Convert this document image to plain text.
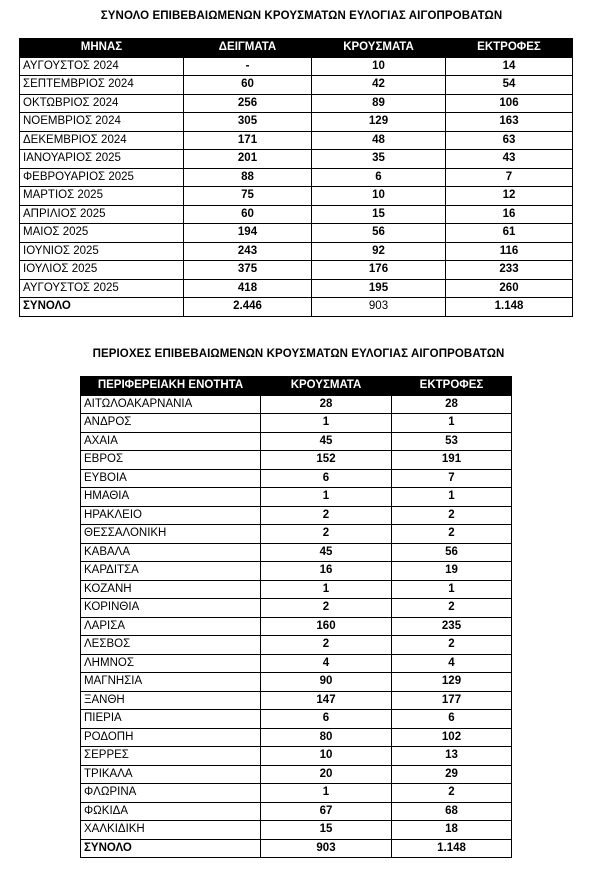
ΣΥΝΟΛΟ ΕΠΙΒΕΒΑΙΩΜΕΝΩΝ ΚΡΟΥΣΜΑΤΩΝ ΕΥΛΟΓΙΑΣ ΑΙΓΟΠΡΟΒΑΤΩΝ
ΜΗΝΑΣ	ΔΕΙΓΜΑΤΑ	ΚΡΟΥΣΜΑΤΑ	ΕΚΤΡΟΦΕΣ
ΑΥΓΟΥΣΤΟΣ 2024	-	10	14
ΣΕΠΤΕΜΒΡΙΟΣ 2024	60	42	54
ΟΚΤΩΒΡΙΟΣ 2024	256	89	106
ΝΟΕΜΒΡΙΟΣ 2024	305	129	163
ΔΕΚΕΜΒΡΙΟΣ 2024	171	48	63
ΙΑΝΟΥΑΡΙΟΣ 2025	201	35	43
ΦΕΒΡΟΥΑΡΙΟΣ 2025	88	6	7
ΜΑΡΤΙΟΣ 2025	75	10	12
ΑΠΡΙΛΙΟΣ 2025	60	15	16
ΜΑΙΟΣ 2025	194	56	61
ΙΟΥΝΙΟΣ 2025	243	92	116
ΙΟΥΛΙΟΣ 2025	375	176	233
ΑΥΓΟΥΣΤΟΣ 2025	418	195	260
ΣΥΝΟΛΟ	2.446	903	1.148
ΠΕΡΙΟΧΕΣ ΕΠΙΒΕΒΑΙΩΜΕΝΩΝ ΚΡΟΥΣΜΑΤΩΝ ΕΥΛΟΓΙΑΣ ΑΙΓΟΠΡΟΒΑΤΩΝ
ΠΕΡΙΦΕΡΕΙΑΚΗ ΕΝΟΤΗΤΑ	ΚΡΟΥΣΜΑΤΑ	ΕΚΤΡΟΦΕΣ
ΑΙΤΩΛΟΑΚΑΡΝΑΝΙΑ	28	28
ΑΝΔΡΟΣ	1	1
ΑΧΑΙΑ	45	53
ΕΒΡΟΣ	152	191
ΕΥΒΟΙΑ	6	7
ΗΜΑΘΙΑ	1	1
ΗΡΑΚΛΕΙΟ	2	2
ΘΕΣΣΑΛΟΝΙΚΗ	2	2
ΚΑΒΑΛΑ	45	56
ΚΑΡΔΙΤΣΑ	16	19
ΚΟΖΑΝΗ	1	1
ΚΟΡΙΝΘΙΑ	2	2
ΛΑΡΙΣΑ	160	235
ΛΕΣΒΟΣ	2	2
ΛΗΜΝΟΣ	4	4
ΜΑΓΝΗΣΙΑ	90	129
ΞΑΝΘΗ	147	177
ΠΙΕΡΙΑ	6	6
ΡΟΔΟΠΗ	80	102
ΣΕΡΡΕΣ	10	13
ΤΡΙΚΑΛΑ	20	29
ΦΛΩΡΙΝΑ	1	2
ΦΩΚΙΔΑ	67	68
ΧΑΛΚΙΔΙΚΗ	15	18
ΣΥΝΟΛΟ	903	1.148
